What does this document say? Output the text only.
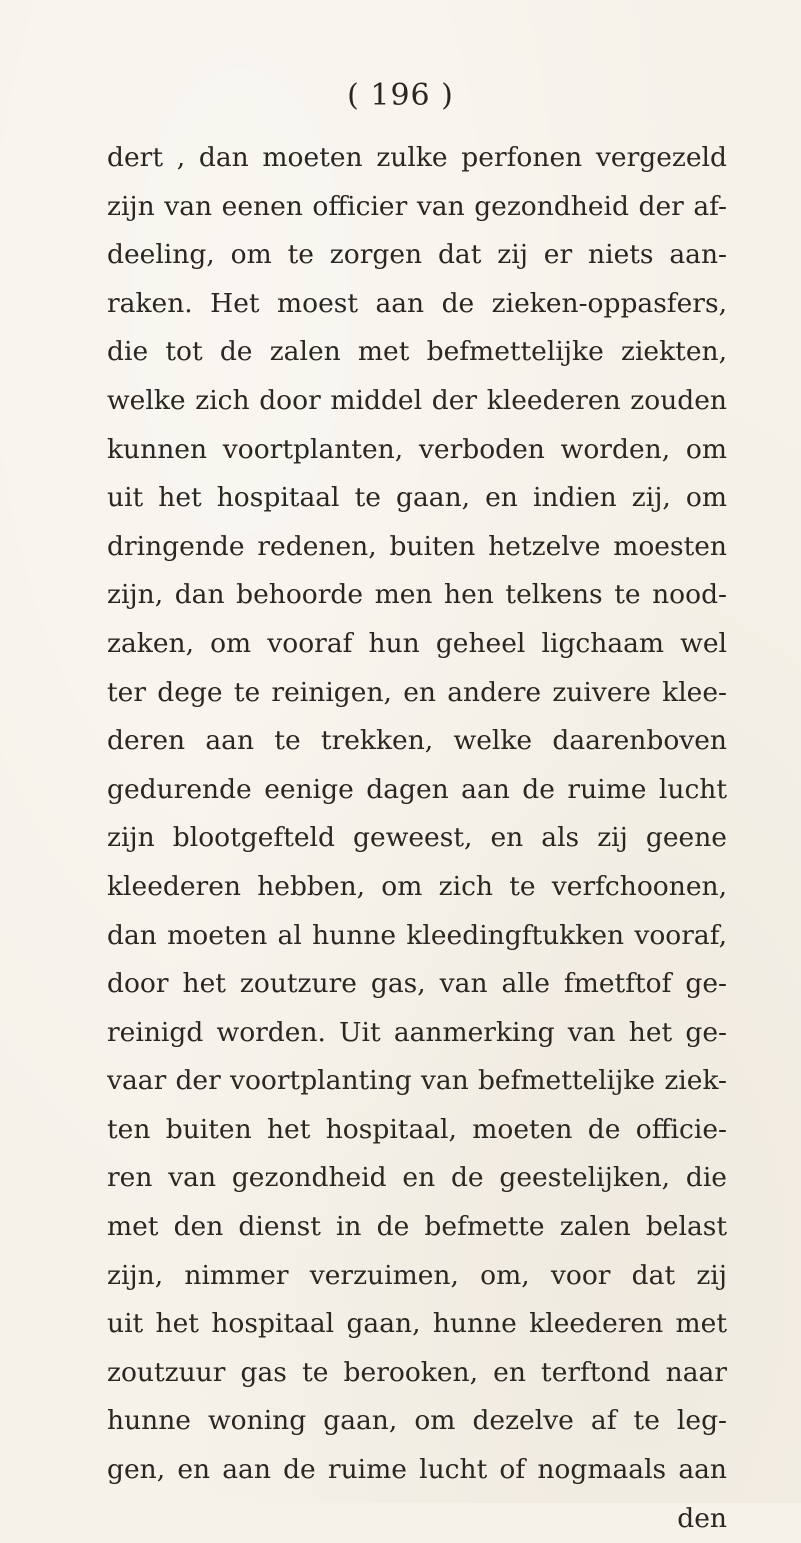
( 196 )
dert , dan moeten zulke perfonen vergezeld
zijn van eenen officier van gezondheid der af-
deeling, om te zorgen dat zij er niets aan-
raken. Het moest aan de zieken-oppasfers,
die tot de zalen met befmettelijke ziekten,
welke zich door middel der kleederen zouden
kunnen voortplanten, verboden worden, om
uit het hospitaal te gaan, en indien zij, om
dringende redenen, buiten hetzelve moesten
zijn, dan behoorde men hen telkens te nood-
zaken, om vooraf hun geheel ligchaam wel
ter dege te reinigen, en andere zuivere klee-
deren aan te trekken, welke daarenboven
gedurende eenige dagen aan de ruime lucht
zijn blootgefteld geweest, en als zij geene
kleederen hebben, om zich te verfchoonen,
dan moeten al hunne kleedingftukken vooraf,
door het zoutzure gas, van alle fmetftof ge-
reinigd worden. Uit aanmerking van het ge-
vaar der voortplanting van befmettelijke ziek-
ten buiten het hospitaal, moeten de officie-
ren van gezondheid en de geestelijken, die
met den dienst in de befmette zalen belast
zijn, nimmer verzuimen, om, voor dat zij
uit het hospitaal gaan, hunne kleederen met
zoutzuur gas te berooken, en terftond naar
hunne woning gaan, om dezelve af te leg-
gen, en aan de ruime lucht of nogmaals aan
den
